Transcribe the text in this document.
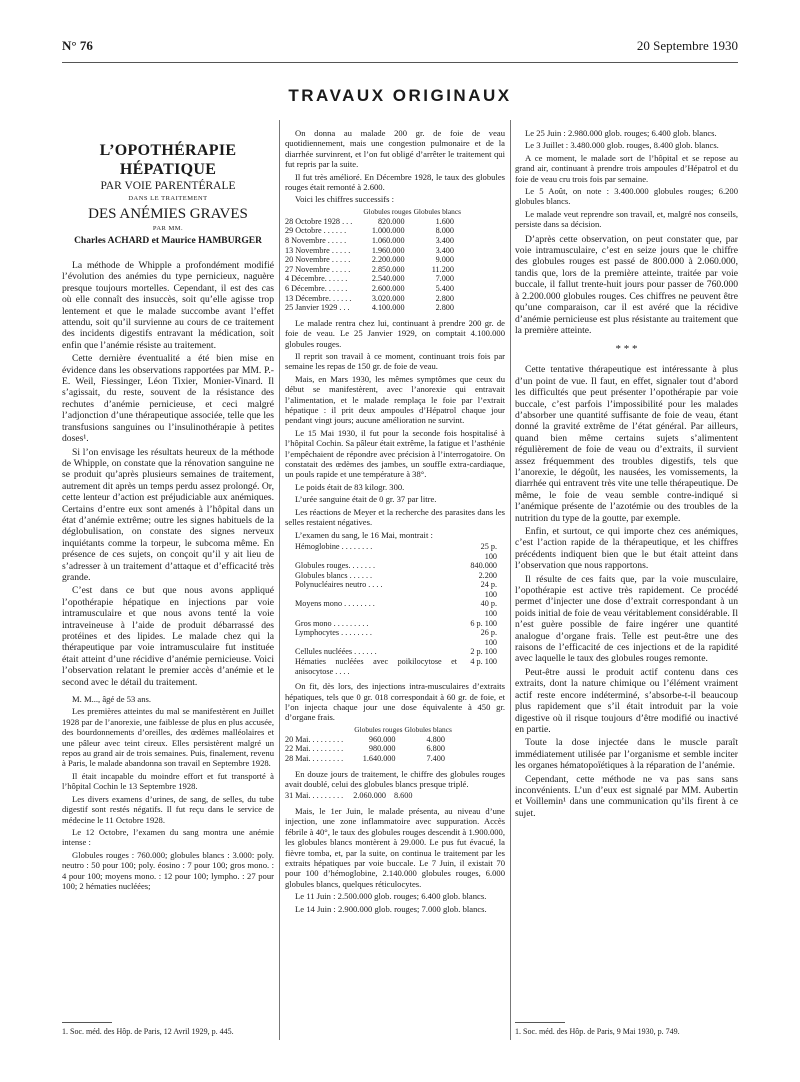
N° 76	20 Septembre 1930
TRAVAUX ORIGINAUX
L’OPOTHÉRAPIE HÉPATIQUE
PAR VOIE PARENTÉRALE
DANS LE TRAITEMENT
DES ANÉMIES GRAVES
PAR MM.
Charles ACHARD et Maurice HAMBURGER

La méthode de Whipple a profondément modifié l’évolution des anémies du type pernicieux, naguère presque toujours mortelles. Cependant, il est des cas où elle connaît des insuccès, soit qu’elle agisse trop lentement et que le malade succombe avant l’effet attendu, soit qu’il survienne au cours de ce traitement des incidents digestifs entravant la médication, soit enfin que l’anémie résiste au traitement.

Cette dernière éventualité a été bien mise en évidence dans les observations rapportées par MM. P.-E. Weil, Fiessinger, Léon Tixier, Monier-Vinard. Il s’agissait, du reste, souvent de la résistance des rechutes d’anémie pernicieuse, et ceci malgré l’adjonction d’une thérapeutique associée, telle que les transfusions sanguines ou l’insulinothérapie à petites doses¹.

Si l’on envisage les résultats heureux de la méthode de Whipple, on constate que la rénovation sanguine ne se produit qu’après plusieurs semaines de traitement, autrement dit après un temps perdu assez prolongé. Or, cette lenteur d’action est préjudiciable aux anémiques. Certains d’entre eux sont amenés à l’hôpital dans un état d’anémie extrême; outre les signes habituels de la déglobulisation, on constate des signes nerveux inquiétants comme la torpeur, le subcoma même. En présence de ces sujets, on conçoit qu’il y ait lieu de s’adresser à un traitement d’attaque et d’efficacité très grande.

C’est dans ce but que nous avons appliqué l’opothérapie hépatique en injections par voie intramusculaire et que nous avons tenté la voie intraveineuse à l’aide de produit débarrassé des protéines et des lipides. Le malade chez qui la thérapeutique par voie intramusculaire fut instituée était atteint d’une récidive d’anémie pernicieuse. Voici l’observation relatant le premier accès d’anémie et le second avec le détail du traitement.

M. M..., âgé de 53 ans.

Les premières atteintes du mal se manifestèrent en Juillet 1928 par de l’anorexie, une faiblesse de plus en plus accusée, des bourdonnements d’oreilles, des œdèmes malléolaires et une pâleur avec teint cireux. Elles persistèrent malgré un repos au grand air de trois semaines. Puis, finalement, revenu à Paris, le malade abandonna son travail en Septembre 1928.

Il était incapable du moindre effort et fut transporté à l’hôpital Cochin le 13 Septembre 1928.

Les divers examens d’urines, de sang, de selles, du tube digestif sont restés négatifs. Il fut reçu dans le service de médecine le 11 Octobre 1928.

Le 12 Octobre, l’examen du sang montra une anémie intense :

Globules rouges : 760.000; globules blancs : 3.000: poly. neutro : 50 pour 100; poly. éosino : 7 pour 100; gros mono. : 4 pour 100; moyens mono. : 12 pour 100; lympho. : 27 pour 100; 2 hématies nucléées;

1. Soc. méd. des Hôp. de Paris, 12 Avril 1929, p. 445.

On donna au malade 200 gr. de foie de veau quotidiennement, mais une congestion pulmonaire et de la diarrhée survinrent, et l’on fut obligé d’arrêter le traitement qui fut repris par la suite.

Il fut très amélioré. En Décembre 1928, le taux des globules rouges était remonté à 2.600.

Voici les chiffres successifs :

	Globules rouges	Globules blancs
28 Octobre 1928 . . .	820.000	1.600
29 Octobre . . . . . .	1.000.000	8.000
8 Novembre . . . . .	1.060.000	3.400
13 Novembre . . . . .	1.960.000	3.400
20 Novembre . . . . .	2.200.000	9.000
27 Novembre . . . . .	2.850.000	11.200
4 Décembre. . . . . .	2.540.000	7.000
6 Décembre. . . . . .	2.600.000	5.400
13 Décembre. . . . . .	3.020.000	2.800
25 Janvier 1929 . . .	4.100.000	2.800

Le malade rentra chez lui, continuant à prendre 200 gr. de foie de veau. Le 25 Janvier 1929, on comptait 4.100.000 globules rouges.

Il reprit son travail à ce moment, continuant trois fois par semaine les repas de 150 gr. de foie de veau.

Mais, en Mars 1930, les mêmes symptômes que ceux du début se manifestèrent, avec l’anorexie qui entravait l’alimentation, et le malade remplaça le foie par l’extrait hépatique : il prit deux ampoules d’Hépatrol chaque jour pendant vingt jours; aucune amélioration ne survint.

Le 15 Mai 1930, il fut pour la seconde fois hospitalisé à l’hôpital Cochin. Sa pâleur était extrême, la fatigue et l’asthénie l’empêchaient de répondre avec précision à l’interrogatoire. On constatait des œdèmes des jambes, un souffle extra-cardiaque, un pouls rapide et une température à 38°.

Le poids était de 83 kilogr. 300.

L’urée sanguine était de 0 gr. 37 par litre.

Les réactions de Meyer et la recherche des parasites dans les selles restaient négatives.

L’examen du sang, le 16 Mai, montrait :

Hémoglobine . . . . . . . .	25 p. 100
Globules rouges. . . . . . .	840.000
Globules blancs . . . . . .	2.200
Polynucléaires neutro . . . .	24 p. 100
Moyens mono . . . . . . . .	40 p. 100
Gros mono . . . . . . . . .	6 p. 100
Lymphocytes . . . . . . . .	26 p. 100
Cellules nucléées . . . . . .	2 p. 100
Hématies nucléées avec poikilocytose et anisocytose . . . .	4 p. 100

On fit, dès lors, des injections intra-musculaires d’extraits hépatiques, tels que 0 gr. 018 correspondait à 60 gr. de foie, et l’on injecta chaque jour une dose équivalente à 450 gr. d’organe frais.

	Globules rouges	Globules blancs
20 Mai. . . . . . . . .	960.000	4.800
22 Mai. . . . . . . . .	980.000	6.800
28 Mai. . . . . . . . .	1.640.000	7.400

En douze jours de traitement, le chiffre des globules rouges avait doublé, celui des globules blancs presque triplé.

31 Mai. . . . . . . . .	2.060.000	8.600

Mais, le 1er Juin, le malade présenta, au niveau d’une injection, une zone inflammatoire avec suppuration. Accès fébrile à 40°, le taux des globules rouges descendit à 1.900.000, les globules blancs montèrent à 29.000. Le pus fut évacué, la fièvre tomba, et, par la suite, on continua le traitement par les extraits hépatiques par voie buccale. Le 7 Juin, il existait 70 pour 100 d’hémoglobine, 2.140.000 globules rouges, 6.000 globules blancs, quelques réticulocytes.

Le 11 Juin : 2.500.000 glob. rouges; 6.400 glob. blancs.

Le 14 Juin : 2.900.000 glob. rouges; 7.000 glob. blancs.

Le 25 Juin : 2.980.000 glob. rouges; 6.400 glob. blancs.

Le 3 Juillet : 3.480.000 glob. rouges, 8.400 glob. blancs.

A ce moment, le malade sort de l’hôpital et se repose au grand air, continuant à prendre trois ampoules d’Hépatrol et du foie de veau cru trois fois par semaine.

Le 5 Août, on note : 3.400.000 globules rouges; 6.200 globules blancs.

Le malade veut reprendre son travail, et, malgré nos conseils, persiste dans sa décision.

D’après cette observation, on peut constater que, par voie intramusculaire, c’est en seize jours que le chiffre des globules rouges est passé de 800.000 à 2.060.000, tandis que, lors de la première atteinte, traitée par voie buccale, il fallut trente-huit jours pour passer de 760.000 à 2.200.000 globules rouges. Ces chiffres ne peuvent être qu’une comparaison, car il est avéré que la récidive d’anémie pernicieuse est plus résistante au traitement que la première atteinte.

* * *

Cette tentative thérapeutique est intéressante à plus d’un point de vue. Il faut, en effet, signaler tout d’abord les difficultés que peut présenter l’opothérapie par voie buccale, c’est parfois l’impossibilité pour les malades d’absorber une quantité suffisante de foie de veau, étant donné la gravité extrême de l’état général. Par ailleurs, quand bien même certains sujets s’alimentent régulièrement de foie de veau ou d’extraits, il survient assez fréquemment des troubles digestifs, tels que l’anorexie, le dégoût, les nausées, les vomissements, la diarrhée qui entravent très vite une telle thérapeutique. De même, le foie de veau semble contre-indiqué si l’anémique présente de l’azotémie ou des troubles de la nutrition du type de la goutte, par exemple.

Enfin, et surtout, ce qui importe chez ces anémiques, c’est l’action rapide de la thérapeutique, et les chiffres précédents indiquent bien que le but était atteint dans l’observation que nous rapportons.

Il résulte de ces faits que, par la voie musculaire, l’opothérapie est active très rapidement. Ce procédé permet d’injecter une dose d’extrait correspondant à un poids initial de foie de veau véritablement considérable. Il n’est guère possible de faire ingérer une quantité analogue d’organe frais. Telle est peut-être une des raisons de l’efficacité de ces injections et de la rapidité avec laquelle le taux des globules rouges remonte.

Peut-être aussi le produit actif contenu dans ces extraits, dont la nature chimique ou l’élément vraiment actif reste encore indéterminé, s’absorbe-t-il beaucoup plus rapidement que s’il était introduit par la voie digestive où il risque toujours d’être modifié ou inactivé en partie.

Toute la dose injectée dans le muscle paraît immédiatement utilisée par l’organisme et semble inciter les organes hématopoïétiques à la réparation de l’anémie.

Cependant, cette méthode ne va pas sans sans inconvénients. L’un d’eux est signalé par MM. Aubertin et Voillemin¹ dans une communication qu’ils firent à ce sujet.

1. Soc. méd. des Hôp. de Paris, 9 Mai 1930, p. 749.
